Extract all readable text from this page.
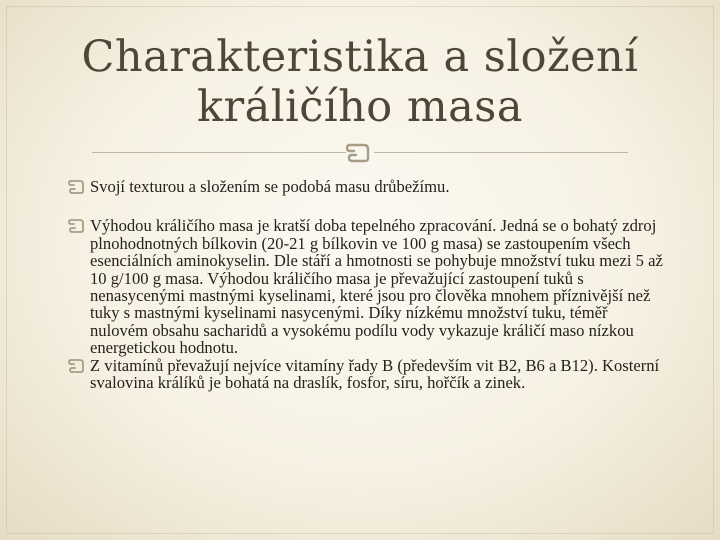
Charakteristika a složení
králičího masa
Svojí texturou a složením se podobá masu drůbežímu.
Výhodou králičího masa je kratší doba tepelného zpracování. Jedná se o bohatý zdroj plnohodnotných bílkovin (20-21 g bílkovin ve 100 g masa) se zastoupením všech esenciálních aminokyselin. Dle stáří a hmotnosti se pohybuje množství tuku mezi 5 až 10 g/100 g masa. Výhodou králičího masa je převažující zastoupení tuků s nenasycenými mastnými kyselinami, které jsou pro člověka mnohem příznivější než tuky s mastnými kyselinami nasycenými. Díky nízkému množství tuku, téměř nulovém obsahu sacharidů a vysokému podílu vody vykazuje králičí maso nízkou energetickou hodnotu.
Z vitamínů převažují nejvíce vitamíny řady B (především vit B2, B6 a B12). Kosterní svalovina králíků je bohatá na draslík, fosfor, síru, hořčík a zinek.
